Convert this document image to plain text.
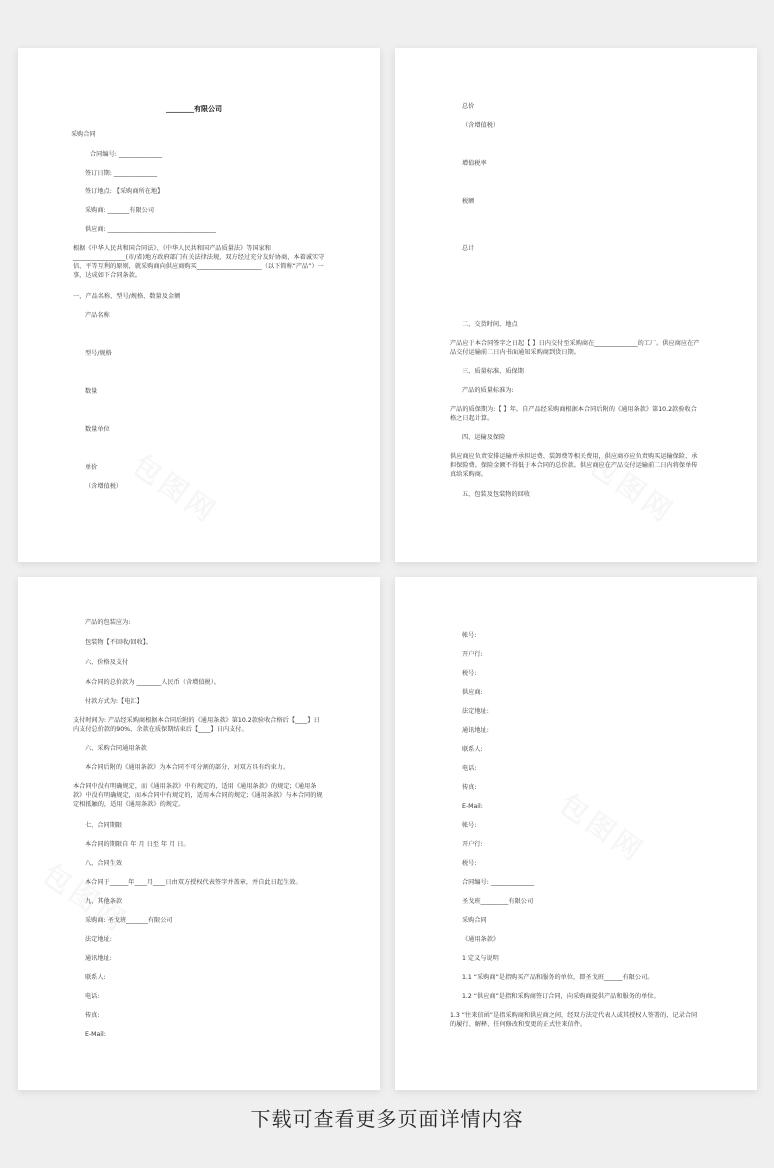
________有限公司
采购合同
合同编号: ______________
签订日期: ______________
签订地点: 【采购商所在地】
采购商: _______有限公司
供应商: ___________________________________
根据《中华人民共和国合同法》、《中华人民共和国产品质量法》等国家和_________________(市/省)地方政府部门有关法律法规，双方经过充分友好协商，本着诚实守信、平等互利的原则，就采购商向供应商购买_____________________（以下简称“产品”）一事，达成如下合同条款。
一、产品名称、型号/规格、数量及金额
产品名称
型号/规格
数量
数量单位
单价
（含增值税）
总价
（含增值税）
增值税率
税额
总计
二、交货时间、地点
产品应于本合同签字之日起【 】日内交付至采购商在______________的工厂。供应商应在产品交付运输前二日内书面通知采购商到货日期。
三、质量标准、质保期
产品的质量标准为:
产品的质保期为:【 】年。自产品经采购商根据本合同后附的《通用条款》第10.2款验收合格之日起计算。
四、运输及保险
供应商应负责安排运输并承担运费、装卸费等相关费用，供应商亦应负责购买运输保险、承担保险费。保险金额不得低于本合同的总价款。供应商应在产品交付运输前二日内将保单传真给采购商。
五、包装及包装物的回收
产品的包装应为:
包装物【不回收/回收】。
六、价格及支付
本合同的总价款为 ________人民币（含增值税）。
付款方式为:【电汇】
支付时间为: 产品经采购商根据本合同后附的《通用条款》第10.2款验收合格后【____】日内支付总价款的90%，余款在质保期结束后【____】日内支付。
六、采购合同通用条款
本合同后附的《通用条款》为本合同不可分割的部分，对双方具有约束力。
本合同中没有明确规定，而《通用条款》中有规定的，适用《通用条款》的规定;《通用条款》中没有明确规定，而本合同中有规定的，适用本合同的规定;《通用条款》与本合同的规定相抵触的，适用《通用条款》的规定。
七、合同期限
本合同的期限自 年 月 日至 年 月 日。
八、合同生效
本合同于______年____月____日由双方授权代表签字并盖章，并自此日起生效。
九、其他条款
采购商: 圣戈班_______有限公司
法定地址:
通讯地址:
联系人:
电话:
传真:
E-Mail:
帐号:
开户行:
税号:
供应商:
法定地址:
通讯地址:
联系人:
电话:
传真:
E-Mail:
帐号:
开户行:
税号:
合同编号: ______________
圣戈班_________有限公司
采购合同
《通用条款》
1 定义与说明
1.1 “采购商”是指购买产品和服务的单位，即圣戈班______有限公司。
1.2 “供应商”是指和采购商签订合同，向采购商提供产品和服务的单位。
1.3 “往来信函”是指采购商和供应商之间，经双方法定代表人或其授权人签署的，记录合同的履行、解释、任何修改和变更的正式往来信件。
下载可查看更多页面详情内容
